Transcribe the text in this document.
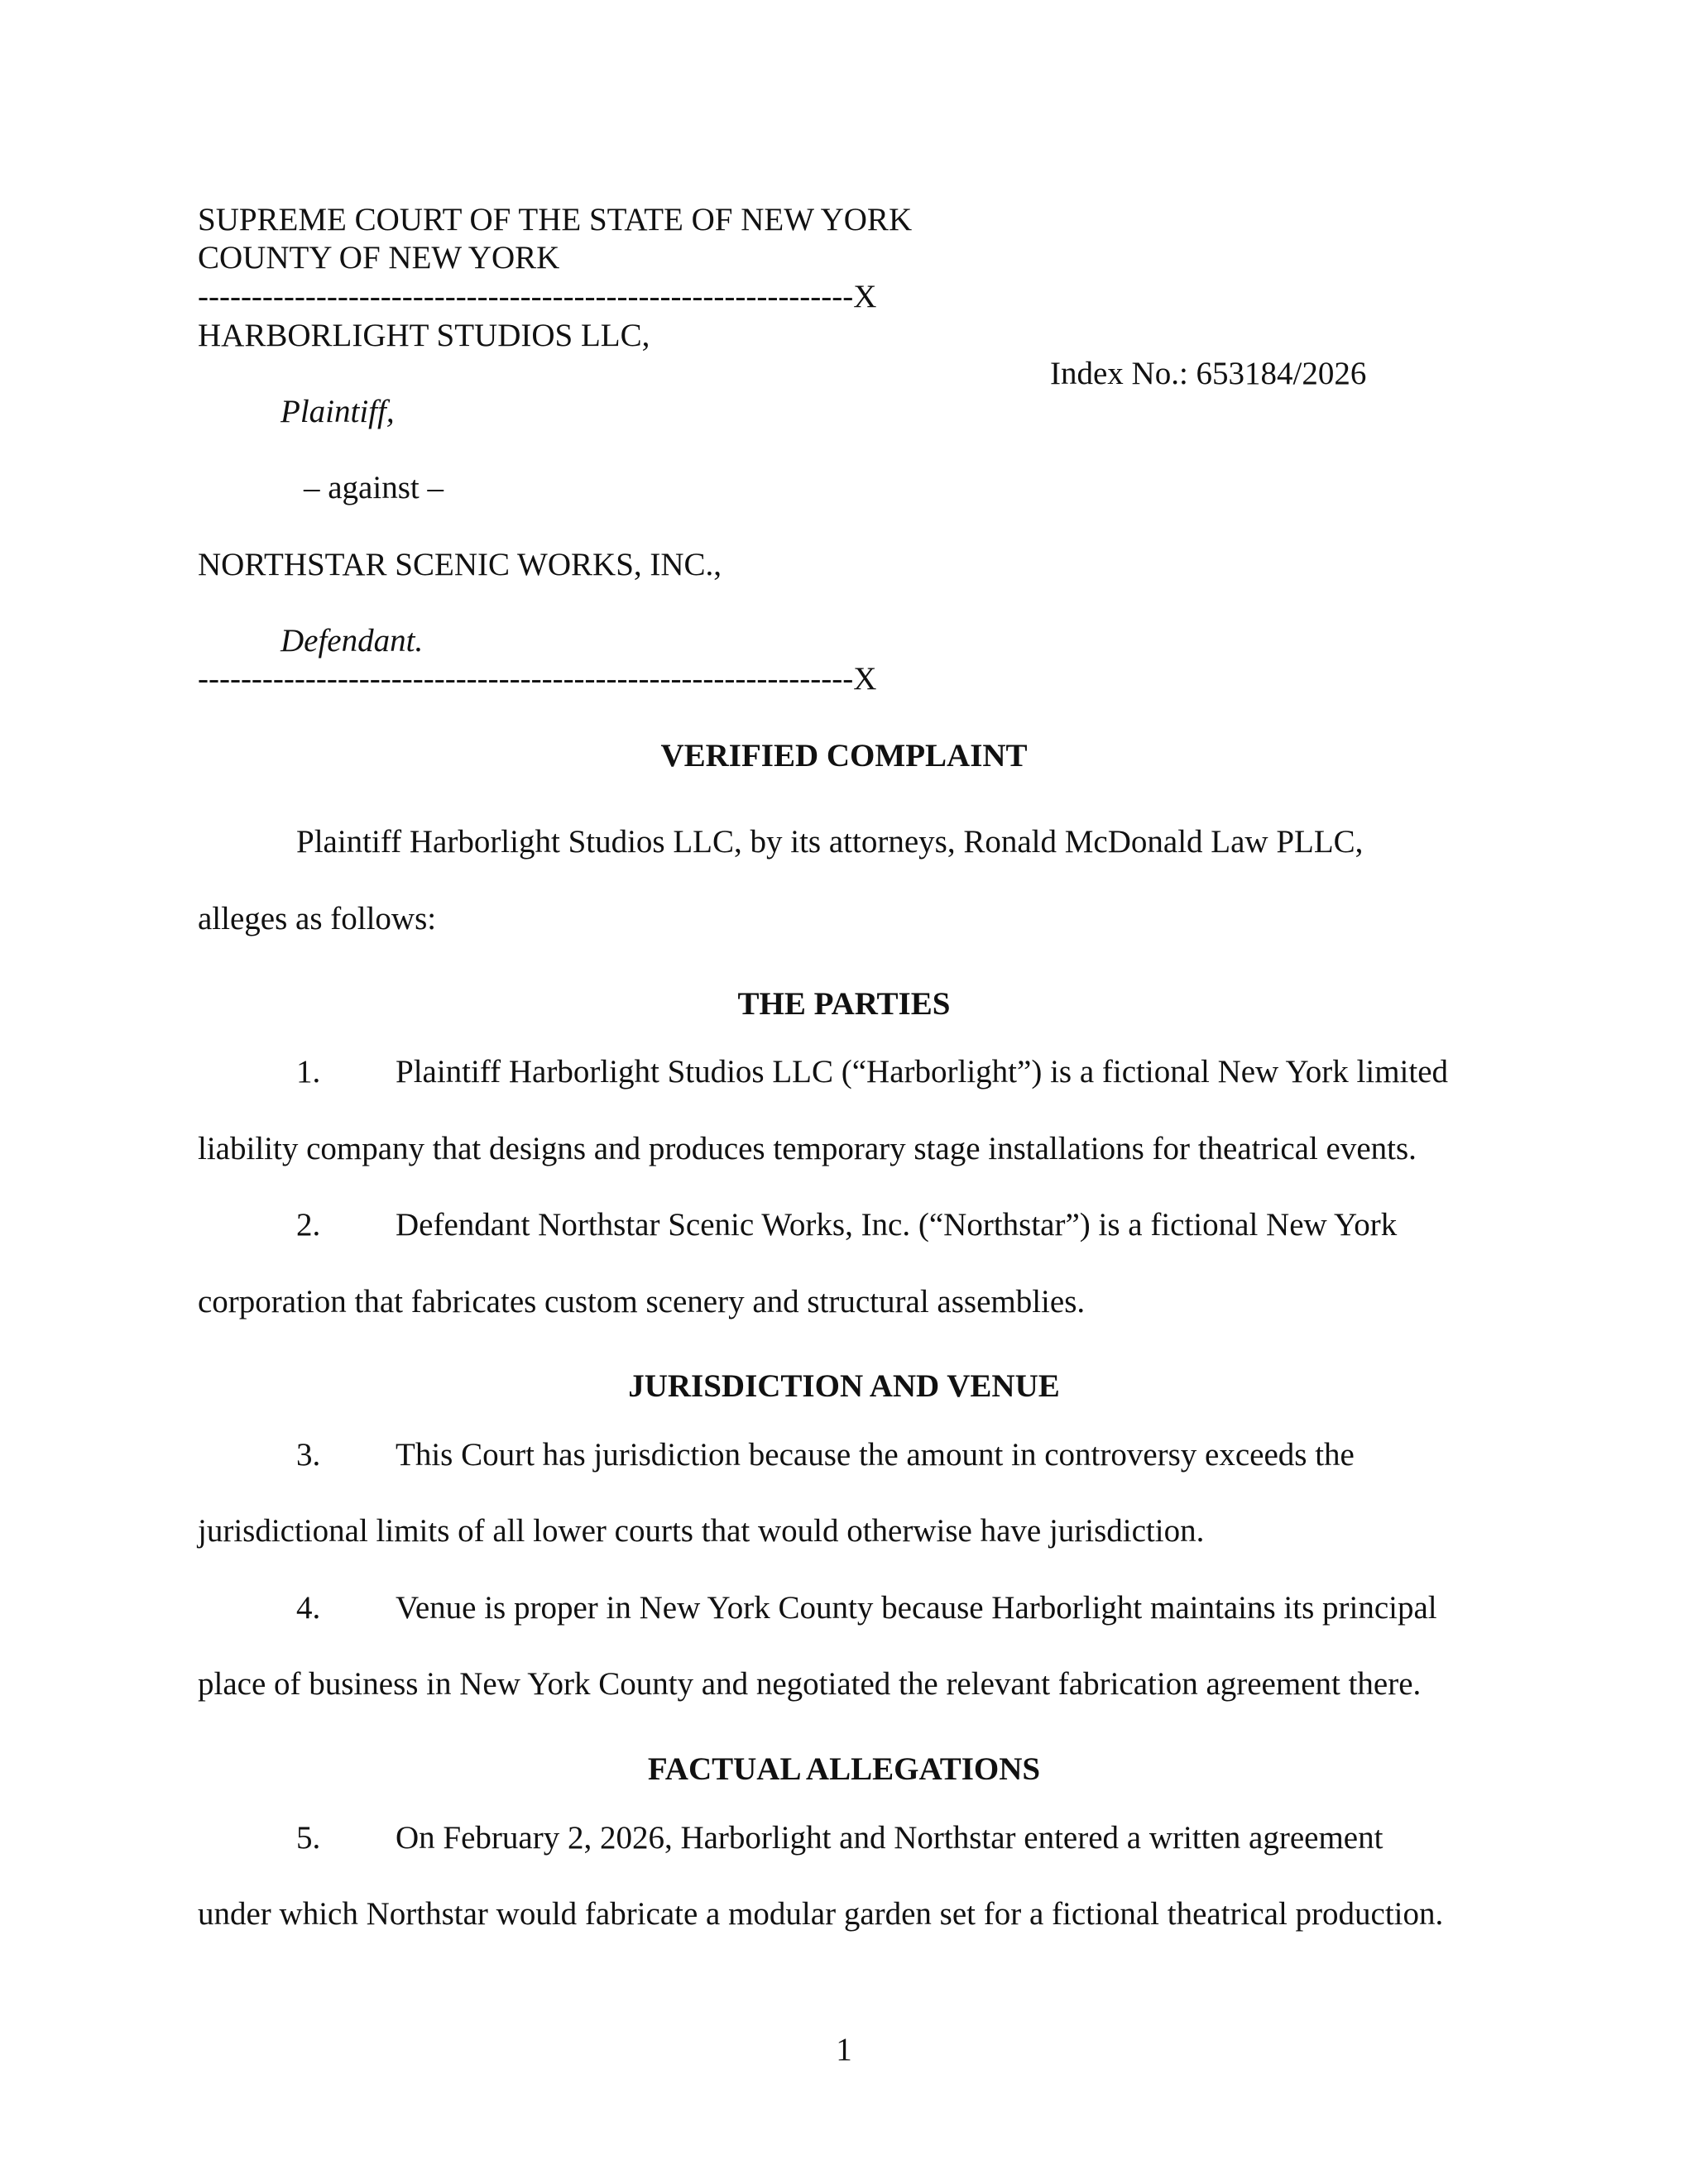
SUPREME COURT OF THE STATE OF NEW YORK
COUNTY OF NEW YORK
-------------------------------------------------------------X
HARBORLIGHT STUDIOS LLC,
Index No.: 653184/2026
Plaintiff,
– against –
NORTHSTAR SCENIC WORKS, INC.,
Defendant.
-------------------------------------------------------------X
VERIFIED COMPLAINT
Plaintiff Harborlight Studios LLC, by its attorneys, Ronald McDonald Law PLLC,
alleges as follows:
THE PARTIES
1. Plaintiff Harborlight Studios LLC (“Harborlight”) is a fictional New York limited
liability company that designs and produces temporary stage installations for theatrical events.
2. Defendant Northstar Scenic Works, Inc. (“Northstar”) is a fictional New York
corporation that fabricates custom scenery and structural assemblies.
JURISDICTION AND VENUE
3. This Court has jurisdiction because the amount in controversy exceeds the
jurisdictional limits of all lower courts that would otherwise have jurisdiction.
4. Venue is proper in New York County because Harborlight maintains its principal
place of business in New York County and negotiated the relevant fabrication agreement there.
FACTUAL ALLEGATIONS
5. On February 2, 2026, Harborlight and Northstar entered a written agreement
under which Northstar would fabricate a modular garden set for a fictional theatrical production.
1
